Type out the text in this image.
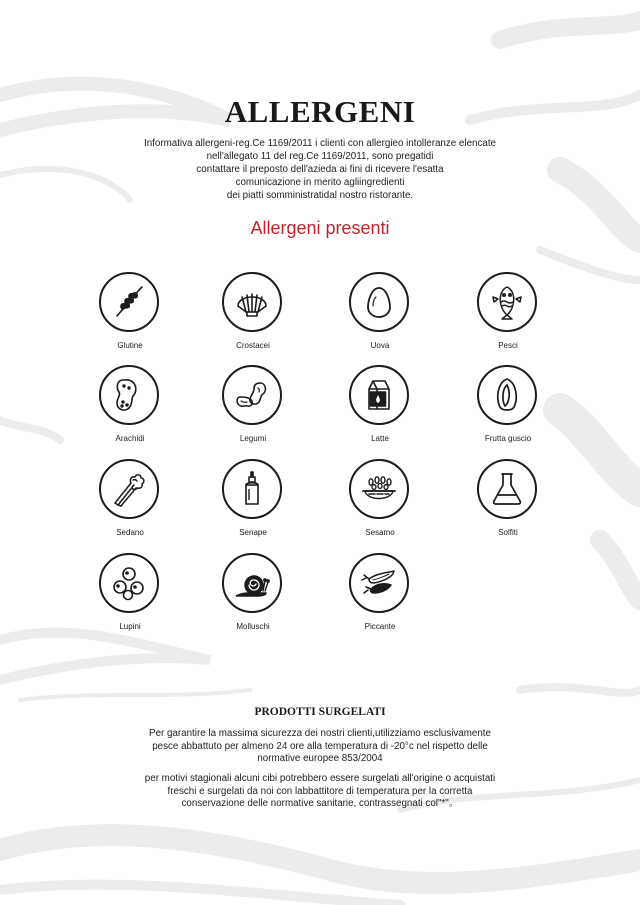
ALLERGENI
Informativa allergeni-reg.Ce 1169/2011 i clienti con allergieo intolleranze elencate
nell'allegato 11 del reg.Ce 1169/2011, sono pregatidi
contattare il preposto dell'azieda ai fini di ricevere l'esatta
comunicazione in merito agliingredienti
dei piatti somministratidal nostro ristorante.
Allergeni presenti
Glutine	Crostacei	Uova	Pesci
Arachidi	Legumi	Latte	Frutta guscio
Sedano	Senape	Sesamo	Solfiti
Lupini	Molluschi	Piccante
PRODOTTI SURGELATI
Per garantire la massima sicurezza dei nostri clienti,utilizziamo esclusivamente
pesce abbattuto per almeno 24 ore alla temperatura di -20°c nel rispetto delle
normative europee 853/2004
per motivi stagionali alcuni cibi potrebbero essere surgelati all'origine o acquistati
freschi e surgelati da noi con labbattitore di temperatura per la corretta
conservazione delle normative sanitarie, contrassegnati col"*"。
